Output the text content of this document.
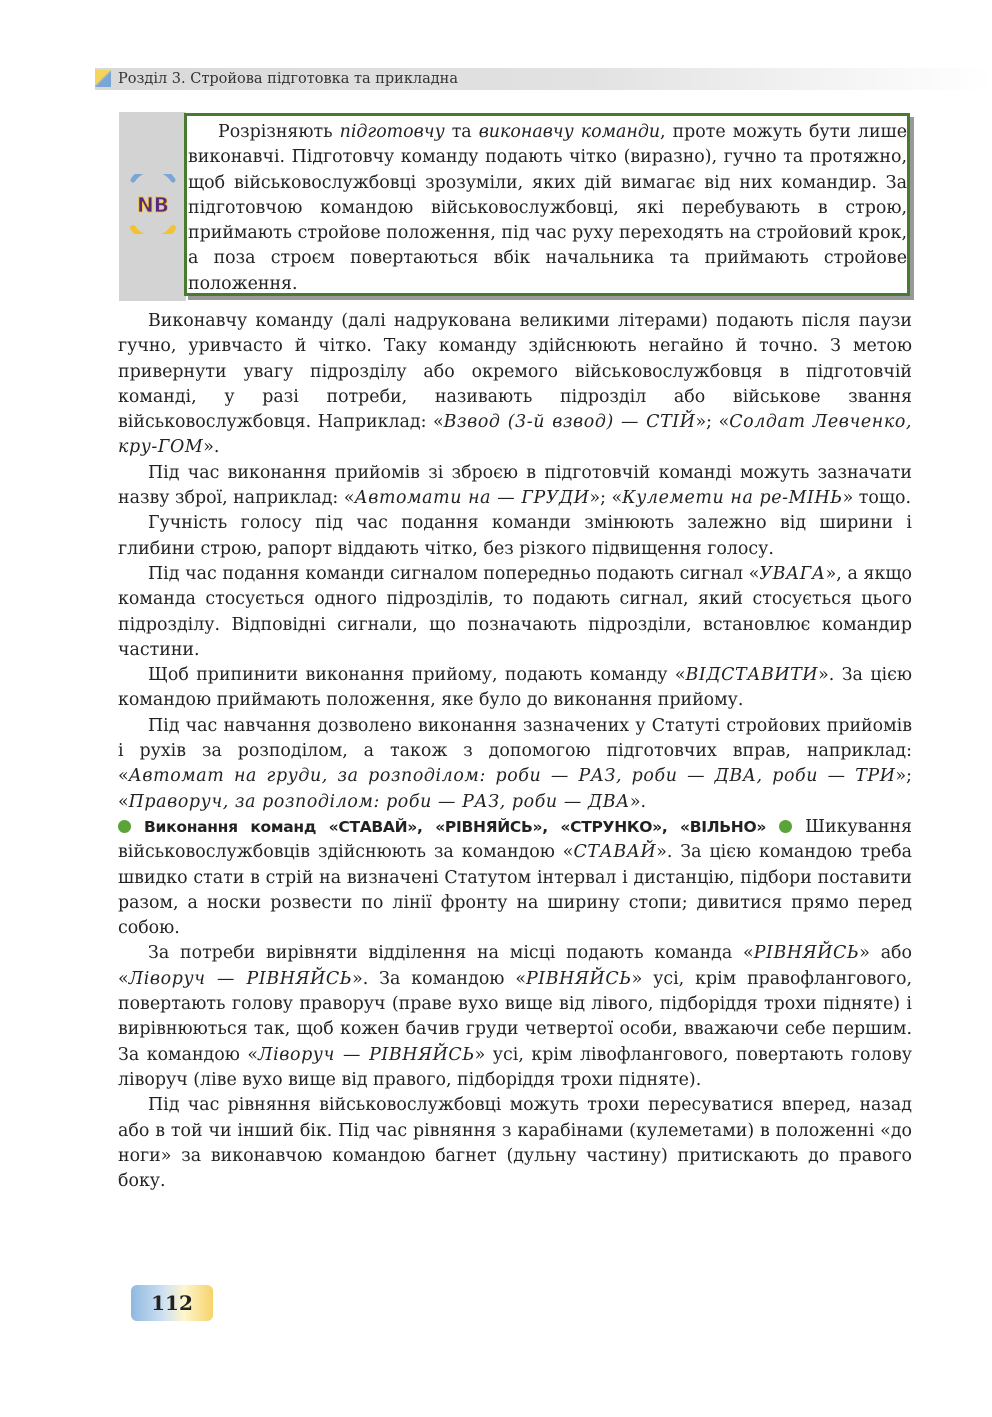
Розділ 3. Стройова підготовка та прикладна
NB

Розрізняють підготовчу та виконавчу команди, проте можуть бути лише виконавчі. Підготовчу команду подають чітко (виразно), гучно та протяжно, щоб військовослужбовці зрозуміли, яких дій вимагає від них командир. За підготовчою командою військовослужбовці, які перебувають в строю, приймають стройове положення, під час руху переходять на стройовий крок, а поза строєм повертаються вбік начальника та приймають стройове положення.

Виконавчу команду (далі надрукована великими літерами) подають після паузи гучно, уривчасто й чітко. Таку команду здійснюють негайно й точно. З метою привернути увагу підрозділу або окремого військовослужбовця в підготовчій команді, у разі потреби, називають підрозділ або військове звання військовослужбовця. Наприклад: «Взвод (3-й взвод) — СТІЙ»; «Солдат Левченко, кру-ГОМ».

Під час виконання прийомів зі зброєю в підготовчій команді можуть зазначати назву зброї, наприклад: «Автомати на — ГРУДИ»; «Кулемети на ре-МІНЬ» тощо.

Гучність голосу під час подання команди змінюють залежно від ширини і глибини строю, рапорт віддають чітко, без різкого підвищення голосу.

Під час подання команди сигналом попередньо подають сигнал «УВАГА», а якщо команда стосується одного підрозділів, то подають сигнал, який стосується цього підрозділу. Відповідні сигнали, що позначають підрозділи, встановлює командир частини.

Щоб припинити виконання прийому, подають команду «ВІДСТАВИТИ». За цією командою приймають положення, яке було до виконання прийому.

Під час навчання дозволено виконання зазначених у Статуті стройових прийомів і рухів за розподілом, а також з допомогою підготовчих вправ, наприклад: «Автомат на груди, за розподілом: роби — РАЗ, роби — ДВА, роби — ТРИ»; «Праворуч, за розподілом: роби — РАЗ, роби — ДВА».

Виконання команд «СТАВАЙ», «РІВНЯЙСЬ», «СТРУНКО», «ВІЛЬНО»  Шикування військовослужбовців здійснюють за командою «СТАВАЙ». За цією командою треба швидко стати в стрій на визначені Статутом інтервал і дистанцію, підбори поставити разом, а носки розвести по лінії фронту на ширину стопи; дивитися прямо перед собою.

За потреби вирівняти відділення на місці подають команда «РІВНЯЙСЬ» або «Ліворуч — РІВНЯЙСЬ». За командою «РІВНЯЙСЬ» усі, крім правофлангового, повертають голову праворуч (праве вухо вище від лівого, підборіддя трохи підняте) і вирівнюються так, щоб кожен бачив груди четвертої особи, вважаючи себе першим. За командою «Ліворуч — РІВНЯЙСЬ» усі, крім лівофлангового, повертають голову ліворуч (ліве вухо вище від правого, підборіддя трохи підняте).

Під час рівняння військовослужбовці можуть трохи пересуватися вперед, назад або в той чи інший бік. Під час рівняння з карабінами (кулеметами) в положенні «до ноги» за виконавчою командою багнет (дульну частину) притискають до правого боку.

112
